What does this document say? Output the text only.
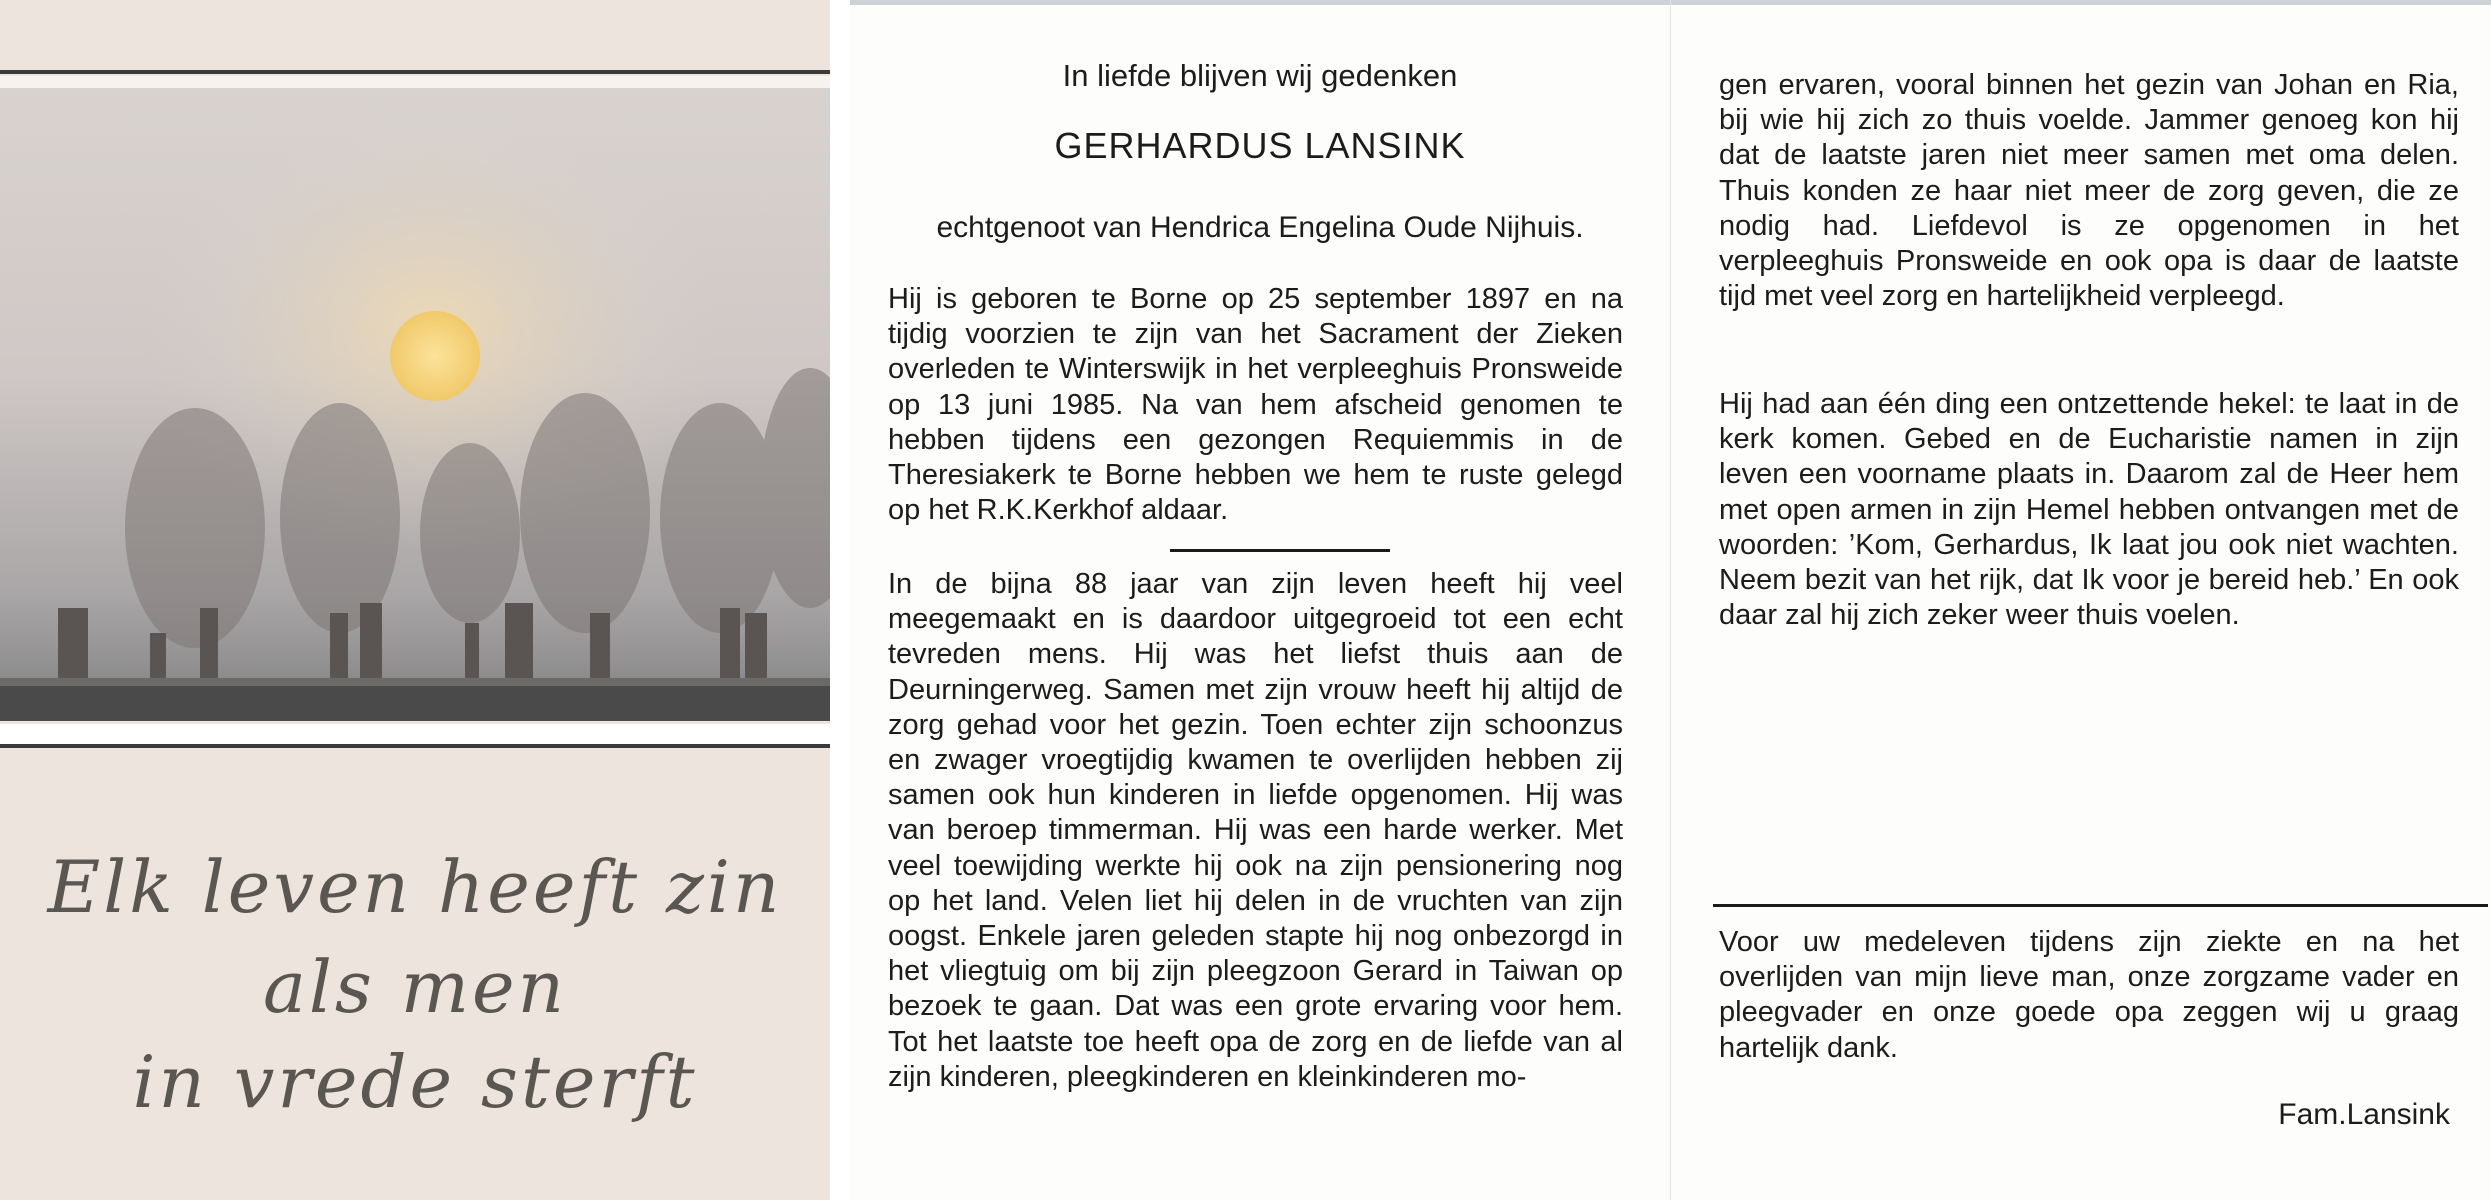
Elk leven heeft zin
als men
in vrede sterft
In liefde blijven wij gedenken
GERHARDUS LANSINK
echtgenoot van Hendrica Engelina Oude Nijhuis.
Hij is geboren te Borne op 25 september 1897 en na tijdig voorzien te zijn van het Sacrament der Zieken overleden te Winterswijk in het verpleeghuis Pronsweide op 13 juni 1985. Na van hem afscheid genomen te hebben tijdens een gezongen Requiemmis in de Theresiakerk te Borne hebben we hem te ruste gelegd op het R.K.Kerkhof aldaar.
In de bijna 88 jaar van zijn leven heeft hij veel meegemaakt en is daardoor uitgegroeid tot een echt tevreden mens. Hij was het liefst thuis aan de Deurningerweg. Samen met zijn vrouw heeft hij altijd de zorg gehad voor het gezin. Toen echter zijn schoonzus en zwager vroegtijdig kwamen te overlijden hebben zij samen ook hun kinderen in liefde opgenomen. Hij was van beroep timmerman. Hij was een harde werker. Met veel toewijding werkte hij ook na zijn pensionering nog op het land. Velen liet hij delen in de vruchten van zijn oogst. Enkele jaren geleden stapte hij nog onbezorgd in het vliegtuig om bij zijn pleegzoon Gerard in Taiwan op bezoek te gaan. Dat was een grote ervaring voor hem. Tot het laatste toe heeft opa de zorg en de liefde van al zijn kinderen, pleegkinderen en kleinkinderen mo-
gen ervaren, vooral binnen het gezin van Johan en Ria, bij wie hij zich zo thuis voelde. Jammer genoeg kon hij dat de laatste jaren niet meer samen met oma delen. Thuis konden ze haar niet meer de zorg geven, die ze nodig had. Liefdevol is ze opgenomen in het verpleeghuis Pronsweide en ook opa is daar de laatste tijd met veel zorg en hartelijkheid verpleegd.
Hij had aan één ding een ontzettende hekel: te laat in de kerk komen. Gebed en de Eucharistie namen in zijn leven een voorname plaats in. Daarom zal de Heer hem met open armen in zijn Hemel hebben ontvangen met de woorden: ’Kom, Gerhardus, Ik laat jou ook niet wachten. Neem bezit van het rijk, dat Ik voor je bereid heb.’ En ook daar zal hij zich zeker weer thuis voelen.
Voor uw medeleven tijdens zijn ziekte en na het overlijden van mijn lieve man, onze zorgzame vader en pleegvader en onze goede opa zeggen wij u graag hartelijk dank.
Fam.Lansink
